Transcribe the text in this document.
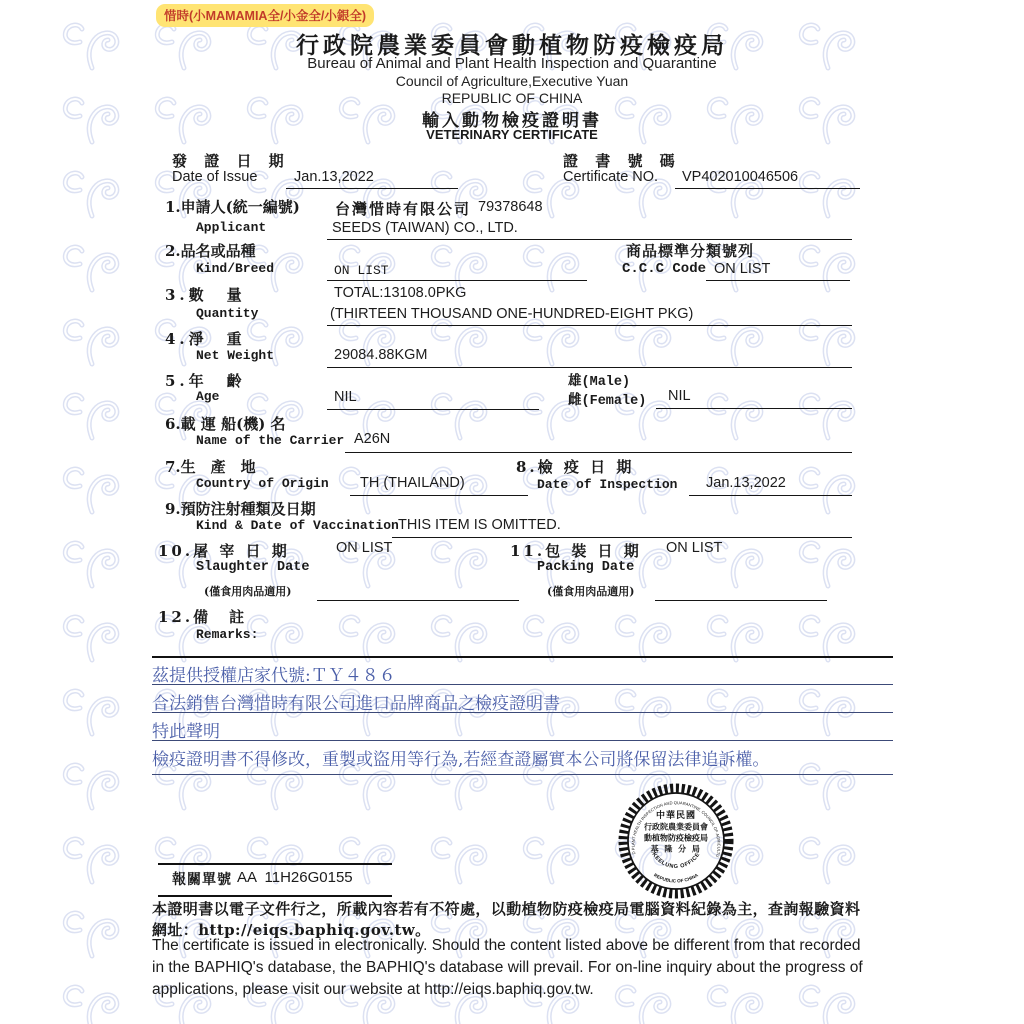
惜時(小MAMAMIA全/小金全/小銀全)
行政院農業委員會動植物防疫檢疫局
Bureau of Animal and Plant Health Inspection and Quarantine
Council of Agriculture,Executive Yuan
REPUBLIC OF CHINA
輸入動物檢疫證明書
VETERINARY CERTIFICATE
發 證 日 期
Date of Issue	Jan.13,2022
證 書 號 碼
Certificate NO. VP402010046506
1.申請人(統一編號) 台灣惜時有限公司 79378648
Applicant	SEEDS (TAIWAN) CO., LTD.
2.品名或品種	商品標準分類號列
Kind/Breed	ON LIST	C.C.C Code ON LIST
3.數　量	TOTAL:13108.0PKG
Quantity	(THIRTEEN THOUSAND ONE-HUNDRED-EIGHT PKG)
4.淨　重
Net Weight	29084.88KGM
5.年　齡	雄(Male)
Age	NIL	雌(Female) NIL
6.載 運 船(機) 名
Name of the Carrier A26N
7.生　產　地	8.檢 疫 日 期
Country of Origin TH (THAILAND)	Date of Inspection Jan.13,2022
9.預防注射種類及日期
Kind & Date of Vaccination THIS ITEM IS OMITTED.
10.屠 宰 日 期	ON LIST	11.包 裝 日 期 ON LIST
Slaughter Date	Packing Date
(僅食用肉品適用)	(僅食用肉品適用)
12.備　註
Remarks:
茲提供授權店家代號:ＴＹ４８６
合法銷售台灣惜時有限公司進口品牌商品之檢疫證明書
特此聲明
檢疫證明書不得修改，重製或盜用等行為,若經查證屬實本公司將保留法律追訴權。
D PLANT HEALTH INSPECTION AND QUARANTINE, COUNCIL OF AGRICULTU
REPUBLIC OF CHINA
中華民國
行政院農業委員會
動植物防疫檢疫局
基 隆 分 局
KEELUNG OFFICE
報關單號 AA  11H26G0155
本證明書以電子文件行之，所載內容若有不符處，以動植物防疫檢疫局電腦資料紀錄為主，查詢報驗資料
網址：http://eiqs.baphiq.gov.tw。
The certificate is issued in electronically. Should the content listed above be different from that recorded
in the BAPHIQ's database, the BAPHIQ's database will prevail. For on-line inquiry about the progress of
applications, please visit our website at http://eiqs.baphiq.gov.tw.
